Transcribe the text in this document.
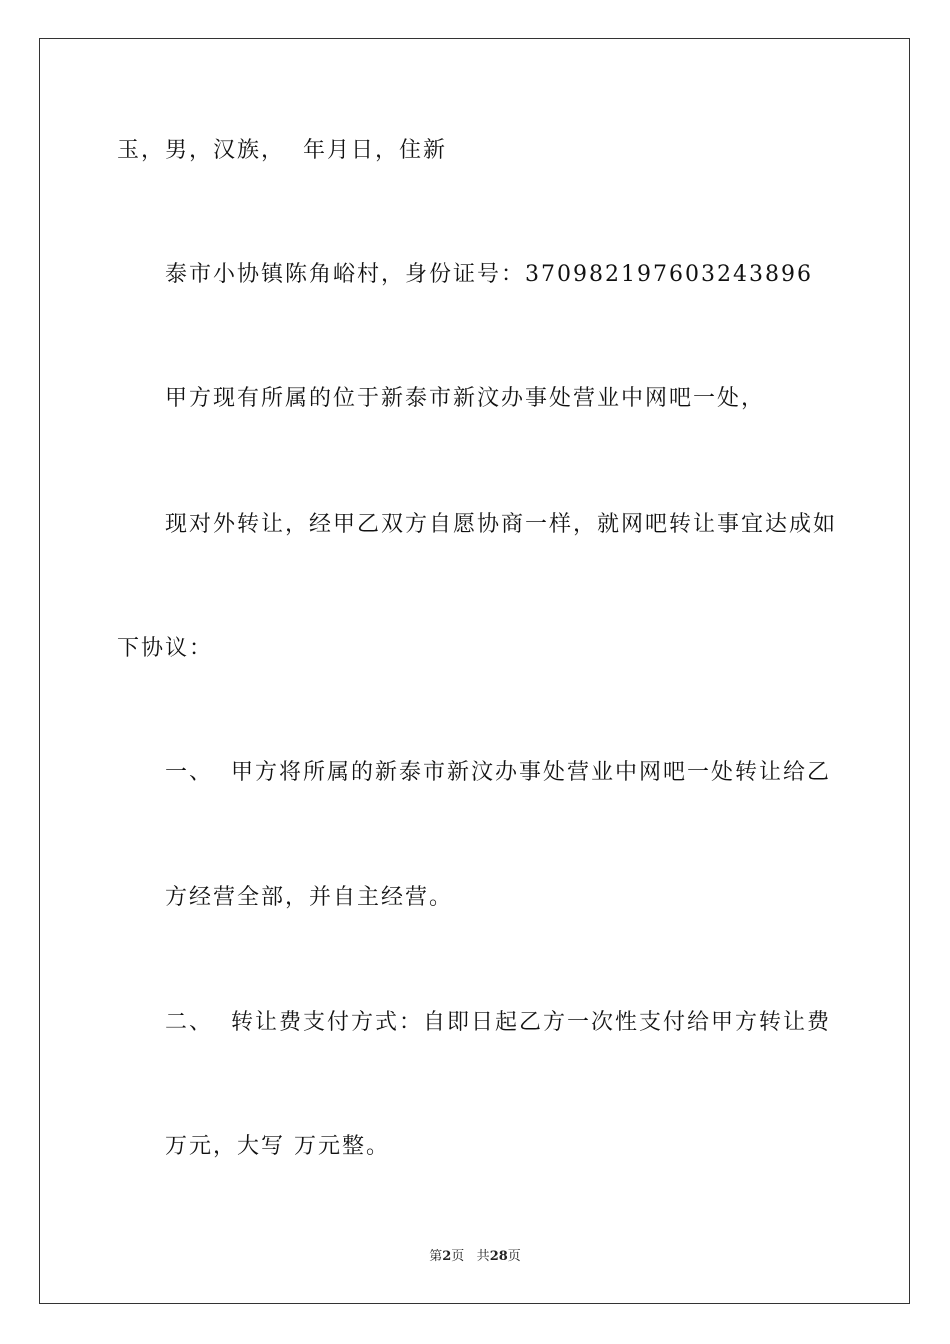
玉，男，汉族，  年月日，住新
泰市小协镇陈角峪村，身份证号：370982197603243896
甲方现有所属的位于新泰市新汶办事处营业中网吧一处，
现对外转让，经甲乙双方自愿协商一样，就网吧转让事宜达成如
下协议：
一、  甲方将所属的新泰市新汶办事处营业中网吧一处转让给乙
方经营全部，并自主经营。
二、  转让费支付方式：自即日起乙方一次性支付给甲方转让费
万元，大写 万元整。
第2页 共28页
